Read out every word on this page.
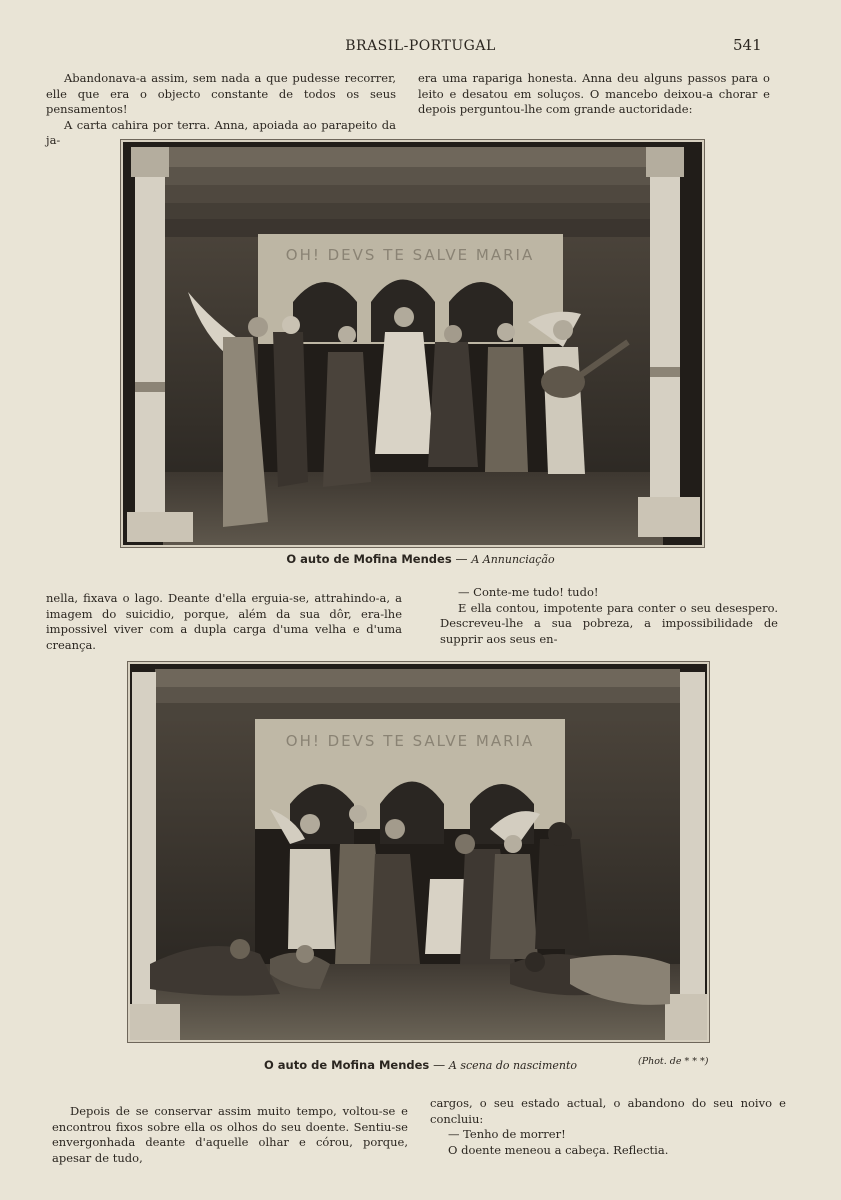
BRASIL-PORTUGAL	541

Abandonava-a assim, sem nada a que pudesse recorrer, elle que era o objecto constante de todos os seus pensamentos!

A carta cahira por terra. Anna, apoiada ao parapeito da ja-

era uma rapariga honesta. Anna deu alguns passos para o leito e desatou em soluços. O mancebo deixou-a chorar e depois perguntou-lhe com grande auctoridade:

OH! DEVS TE SALVE MARIA
O auto de Mofina Mendes — A Annunciação

nella, fixava o lago. Deante d'ella erguia-se, attrahindo-a, a imagem do suicidio, porque, além da sua dôr, era-lhe impossivel viver com a dupla carga d'uma velha e d'uma creança.

— Conte-me tudo! tudo!

E ella contou, impotente para conter o seu desespero. Descreveu-lhe a sua pobreza, a impossibilidade de supprir aos seus en-

OH! DEVS TE SALVE MARIA
O auto de Mofina Mendes — A scena do nascimento	(Phot. de * * *)

Depois de se conservar assim muito tempo, voltou-se e encontrou fixos sobre ella os olhos do seu doente. Sentiu-se envergonhada deante d'aquelle olhar e córou, porque, apesar de tudo,

cargos, o seu estado actual, o abandono do seu noivo e concluiu:

— Tenho de morrer!

O doente meneou a cabeça. Reflectia.
